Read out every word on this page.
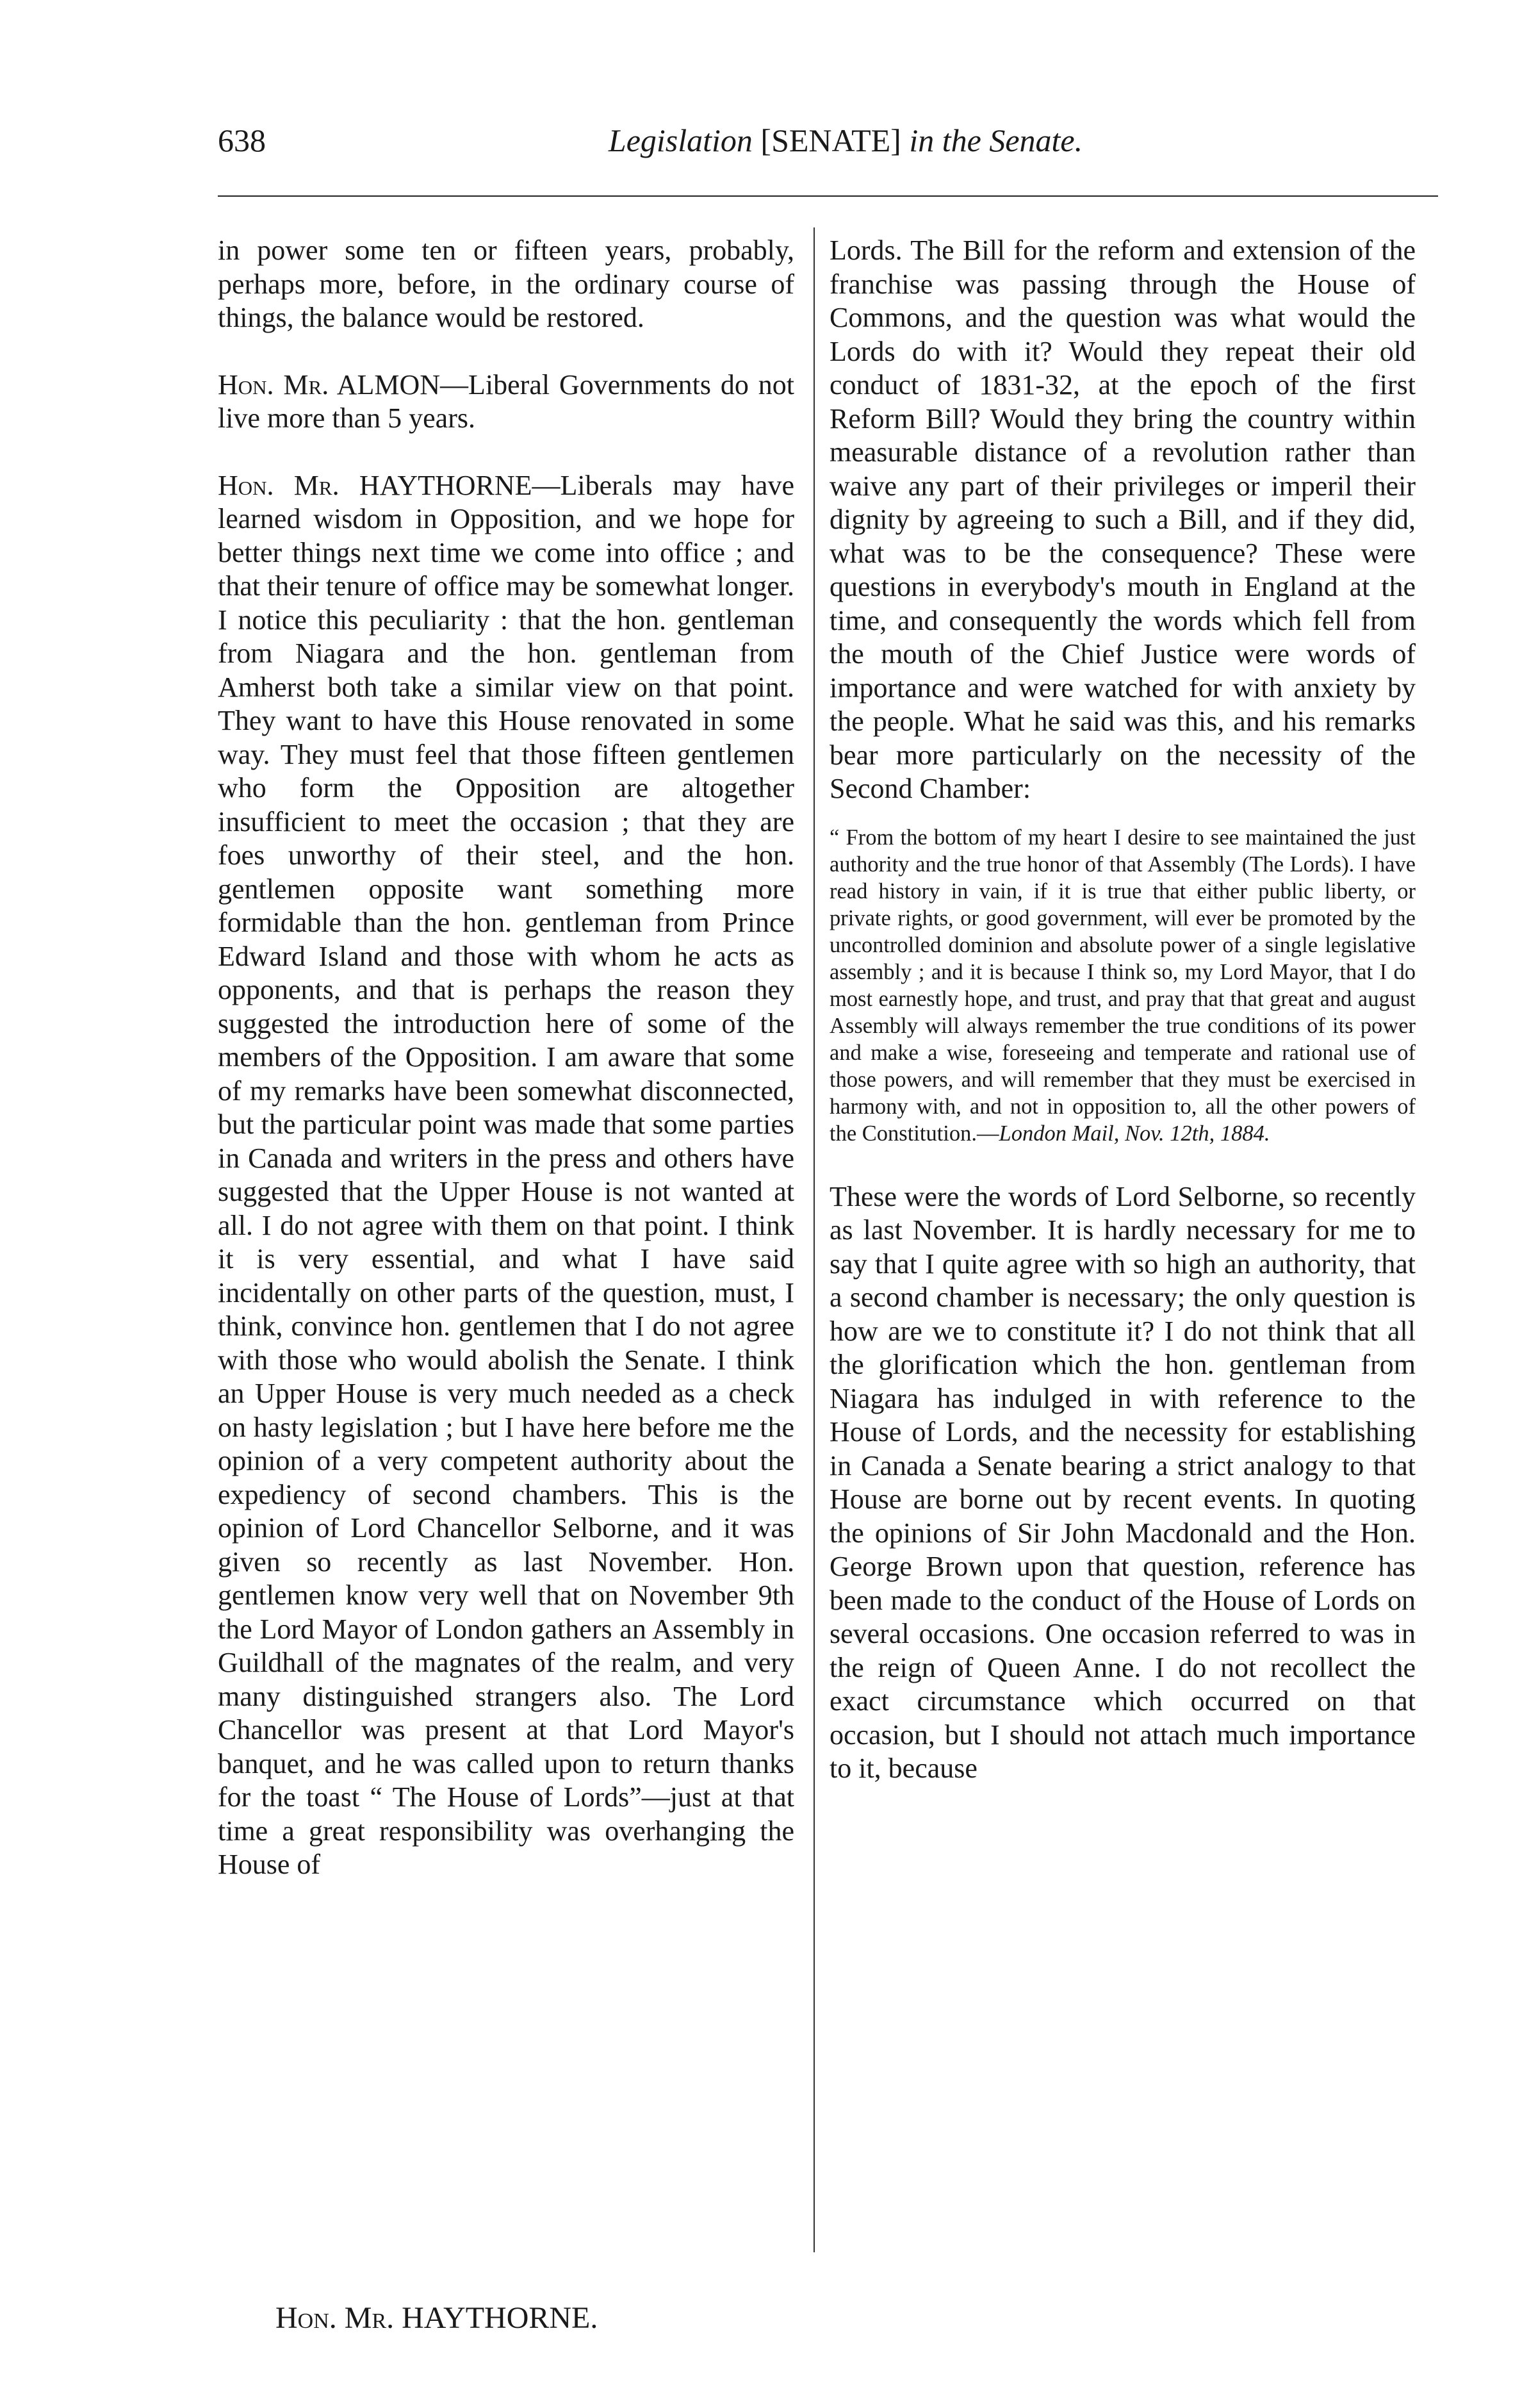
638	Legislation [SENATE] in the Senate.

in power some ten or fifteen years, probably, perhaps more, before, in the ordinary course of things, the balance would be restored.

Hon. Mr. ALMON—Liberal Governments do not live more than 5 years.

Hon. Mr. HAYTHORNE—Liberals may have learned wisdom in Opposition, and we hope for better things next time we come into office ; and that their tenure of office may be somewhat longer. I notice this peculiarity : that the hon. gentleman from Niagara and the hon. gentleman from Amherst both take a similar view on that point. They want to have this House renovated in some way. They must feel that those fifteen gentlemen who form the Opposition are altogether insufficient to meet the occasion ; that they are foes unworthy of their steel, and the hon. gentlemen opposite want something more formidable than the hon. gentleman from Prince Edward Island and those with whom he acts as opponents, and that is perhaps the reason they suggested the introduction here of some of the members of the Opposition. I am aware that some of my remarks have been somewhat disconnected, but the particular point was made that some parties in Canada and writers in the press and others have suggested that the Upper House is not wanted at all. I do not agree with them on that point. I think it is very essential, and what I have said incidentally on other parts of the question, must, I think, convince hon. gentlemen that I do not agree with those who would abolish the Senate. I think an Upper House is very much needed as a check on hasty legislation ; but I have here before me the opinion of a very competent authority about the expediency of second chambers. This is the opinion of Lord Chancellor Selborne, and it was given so recently as last November. Hon. gentlemen know very well that on November 9th the Lord Mayor of London gathers an Assembly in Guildhall of the magnates of the realm, and very many distinguished strangers also. The Lord Chancellor was present at that Lord Mayor's banquet, and he was called upon to return thanks for the toast “ The House of Lords”—just at that time a great responsibility was overhanging the House of

Lords. The Bill for the reform and extension of the franchise was passing through the House of Commons, and the question was what would the Lords do with it? Would they repeat their old conduct of 1831-32, at the epoch of the first Reform Bill? Would they bring the country within measurable distance of a revolution rather than waive any part of their privileges or imperil their dignity by agreeing to such a Bill, and if they did, what was to be the consequence? These were questions in everybody's mouth in England at the time, and consequently the words which fell from the mouth of the Chief Justice were words of importance and were watched for with anxiety by the people. What he said was this, and his remarks bear more particularly on the necessity of the Second Chamber:

“ From the bottom of my heart I desire to see maintained the just authority and the true honor of that Assembly (The Lords). I have read history in vain, if it is true that either public liberty, or private rights, or good government, will ever be promoted by the uncontrolled dominion and absolute power of a single legislative assembly ; and it is because I think so, my Lord Mayor, that I do most earnestly hope, and trust, and pray that that great and august Assembly will always remember the true conditions of its power and make a wise, foreseeing and temperate and rational use of those powers, and will remember that they must be exercised in harmony with, and not in opposition to, all the other powers of the Constitution.—London Mail, Nov. 12th, 1884.

These were the words of Lord Selborne, so recently as last November. It is hardly necessary for me to say that I quite agree with so high an authority, that a second chamber is necessary; the only question is how are we to constitute it? I do not think that all the glorification which the hon. gentleman from Niagara has indulged in with reference to the House of Lords, and the necessity for establishing in Canada a Senate bearing a strict analogy to that House are borne out by recent events. In quoting the opinions of Sir John Macdonald and the Hon. George Brown upon that question, reference has been made to the conduct of the House of Lords on several occasions. One occasion referred to was in the reign of Queen Anne. I do not recollect the exact circumstance which occurred on that occasion, but I should not attach much importance to it, because

Hon. Mr. HAYTHORNE.
